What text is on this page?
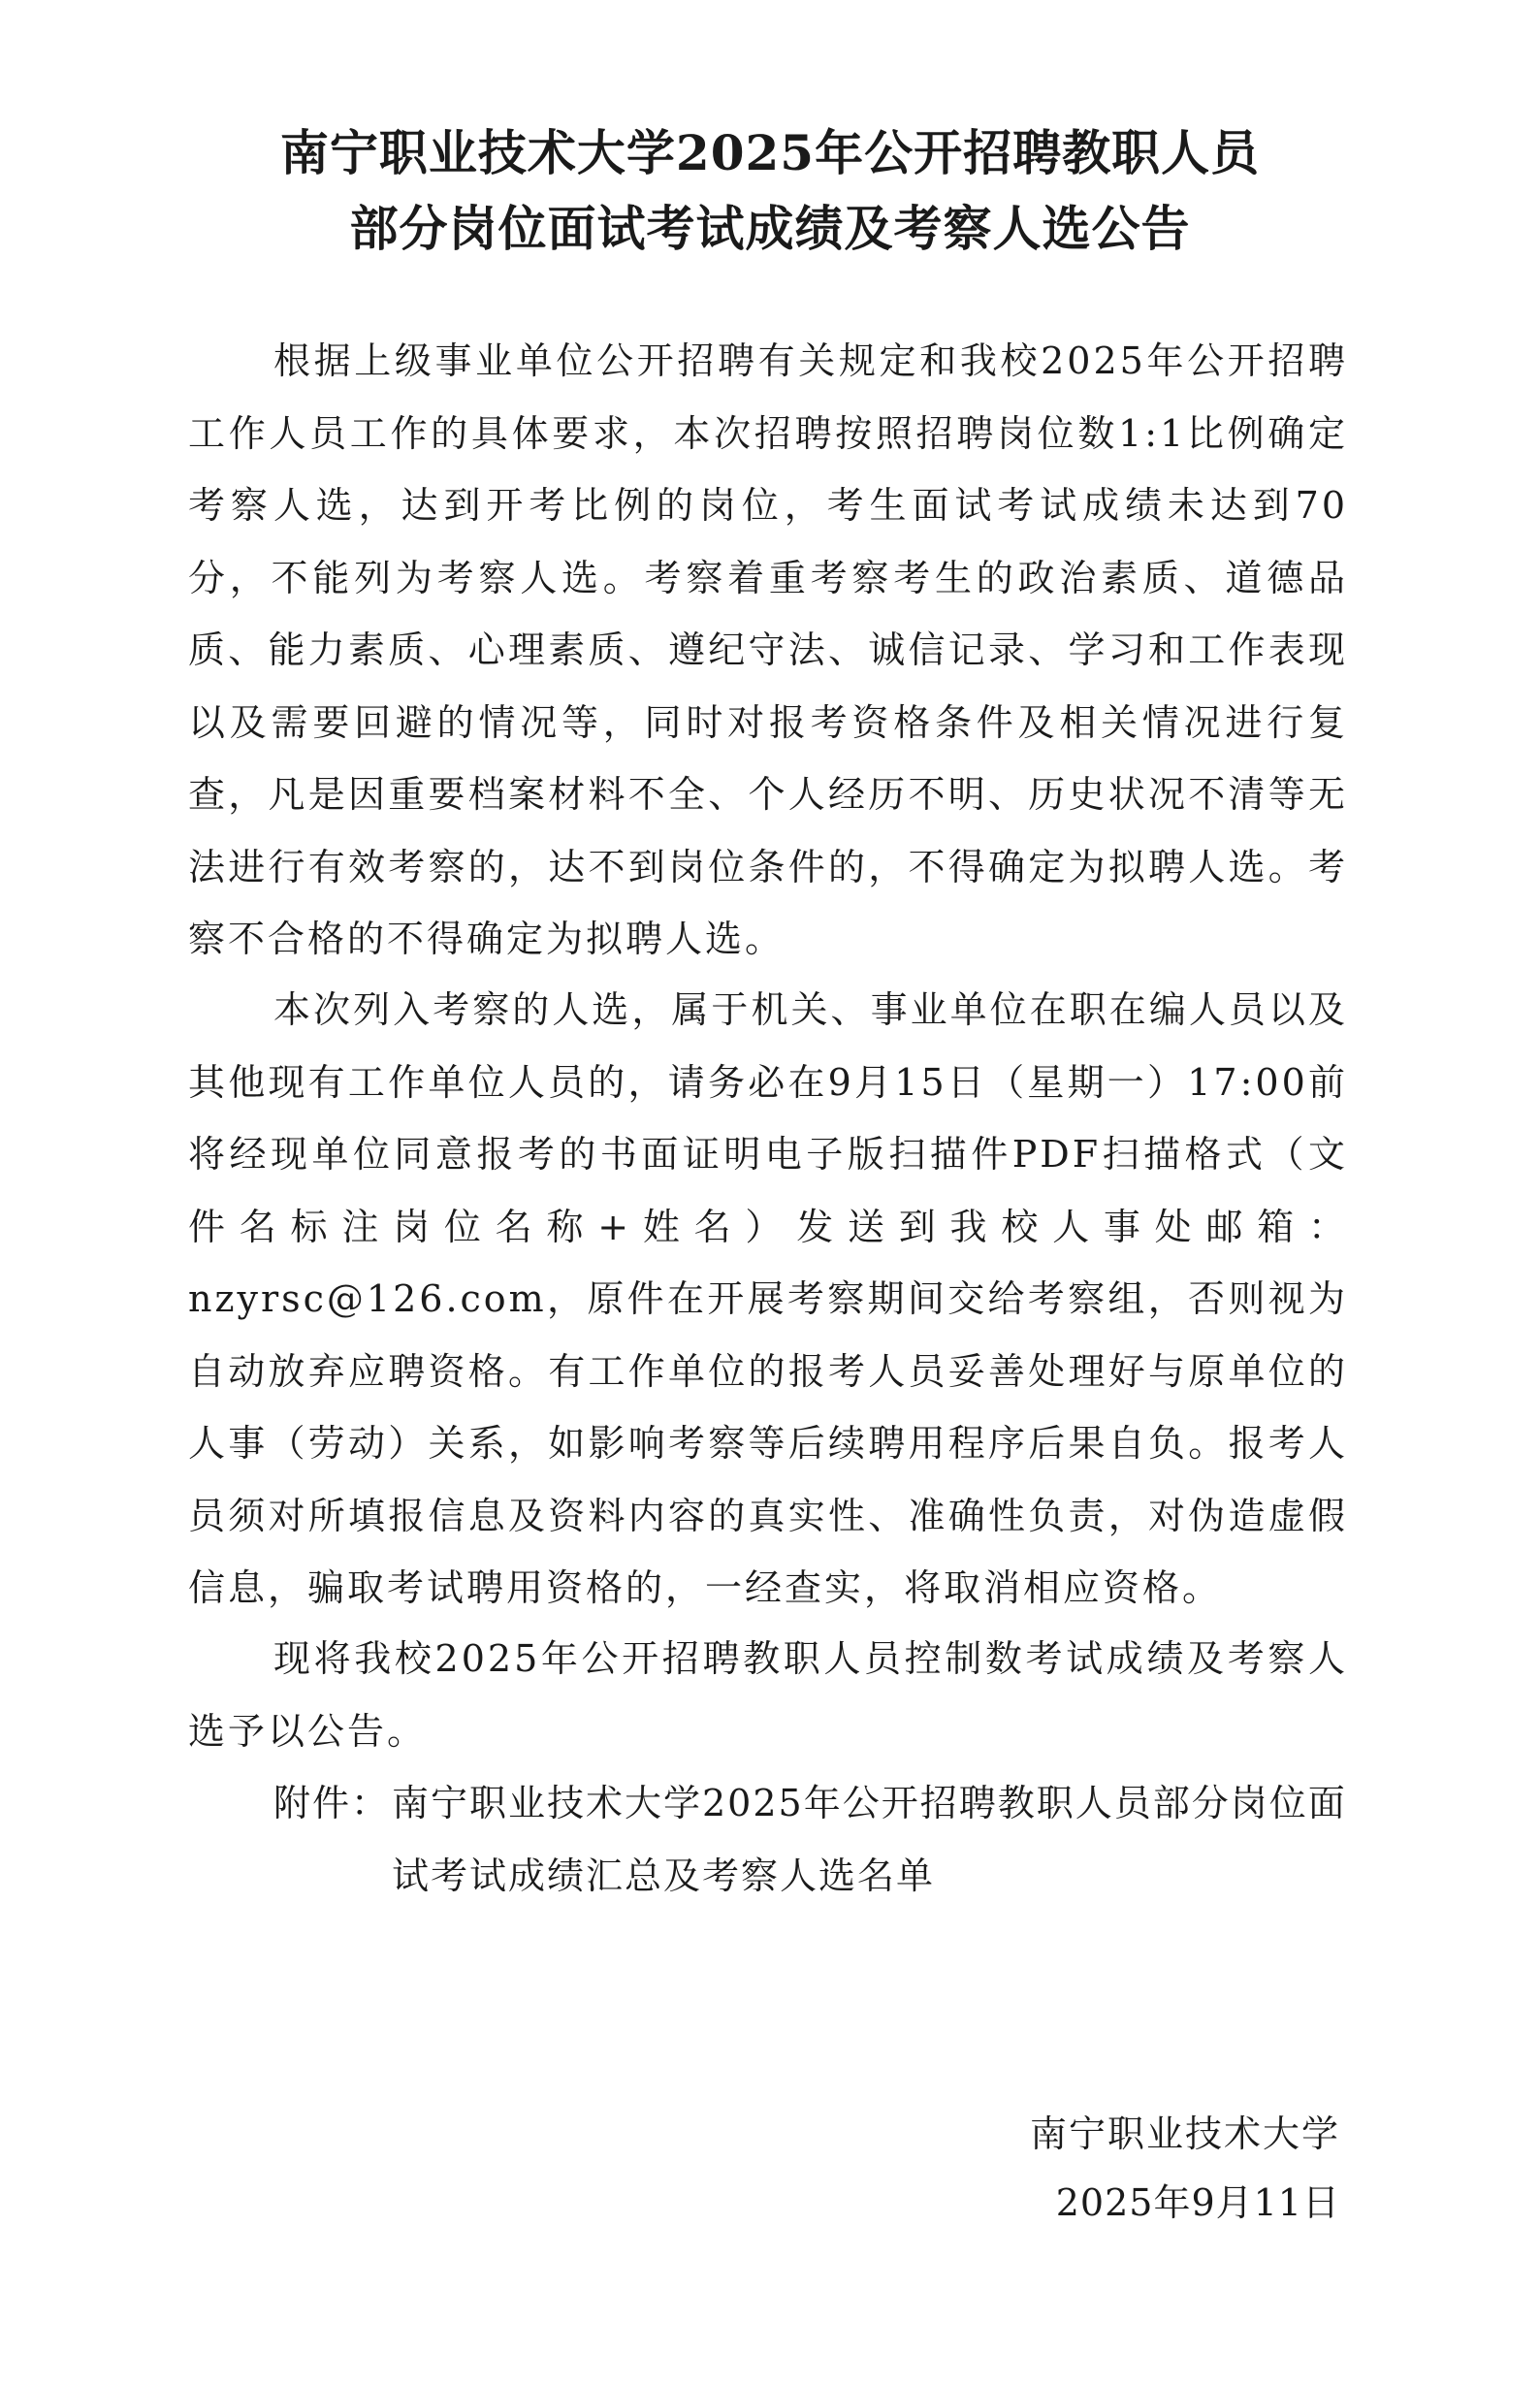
南宁职业技术大学2025年公开招聘教职人员
部分岗位面试考试成绩及考察人选公告

根据上级事业单位公开招聘有关规定和我校2025年公开招聘工作人员工作的具体要求，本次招聘按照招聘岗位数1:1比例确定考察人选，达到开考比例的岗位，考生面试考试成绩未达到70分，不能列为考察人选。考察着重考察考生的政治素质、道德品质、能力素质、心理素质、遵纪守法、诚信记录、学习和工作表现以及需要回避的情况等，同时对报考资格条件及相关情况进行复查，凡是因重要档案材料不全、个人经历不明、历史状况不清等无法进行有效考察的，达不到岗位条件的，不得确定为拟聘人选。考察不合格的不得确定为拟聘人选。

本次列入考察的人选，属于机关、事业单位在职在编人员以及其他现有工作单位人员的，请务必在9月15日（星期一）17:00前将经现单位同意报考的书面证明电子版扫描件PDF扫描格式（文件名标注岗位名称+姓名）发送到我校人事处邮箱：nzyrsc@126.com，原件在开展考察期间交给考察组，否则视为自动放弃应聘资格。有工作单位的报考人员妥善处理好与原单位的人事（劳动）关系，如影响考察等后续聘用程序后果自负。报考人员须对所填报信息及资料内容的真实性、准确性负责，对伪造虚假信息，骗取考试聘用资格的，一经查实，将取消相应资格。

现将我校2025年公开招聘教职人员控制数考试成绩及考察人选予以公告。

附件： 南宁职业技术大学2025年公开招聘教职人员部分岗位面试考试成绩汇总及考察人选名单
南宁职业技术大学
2025年9月11日
